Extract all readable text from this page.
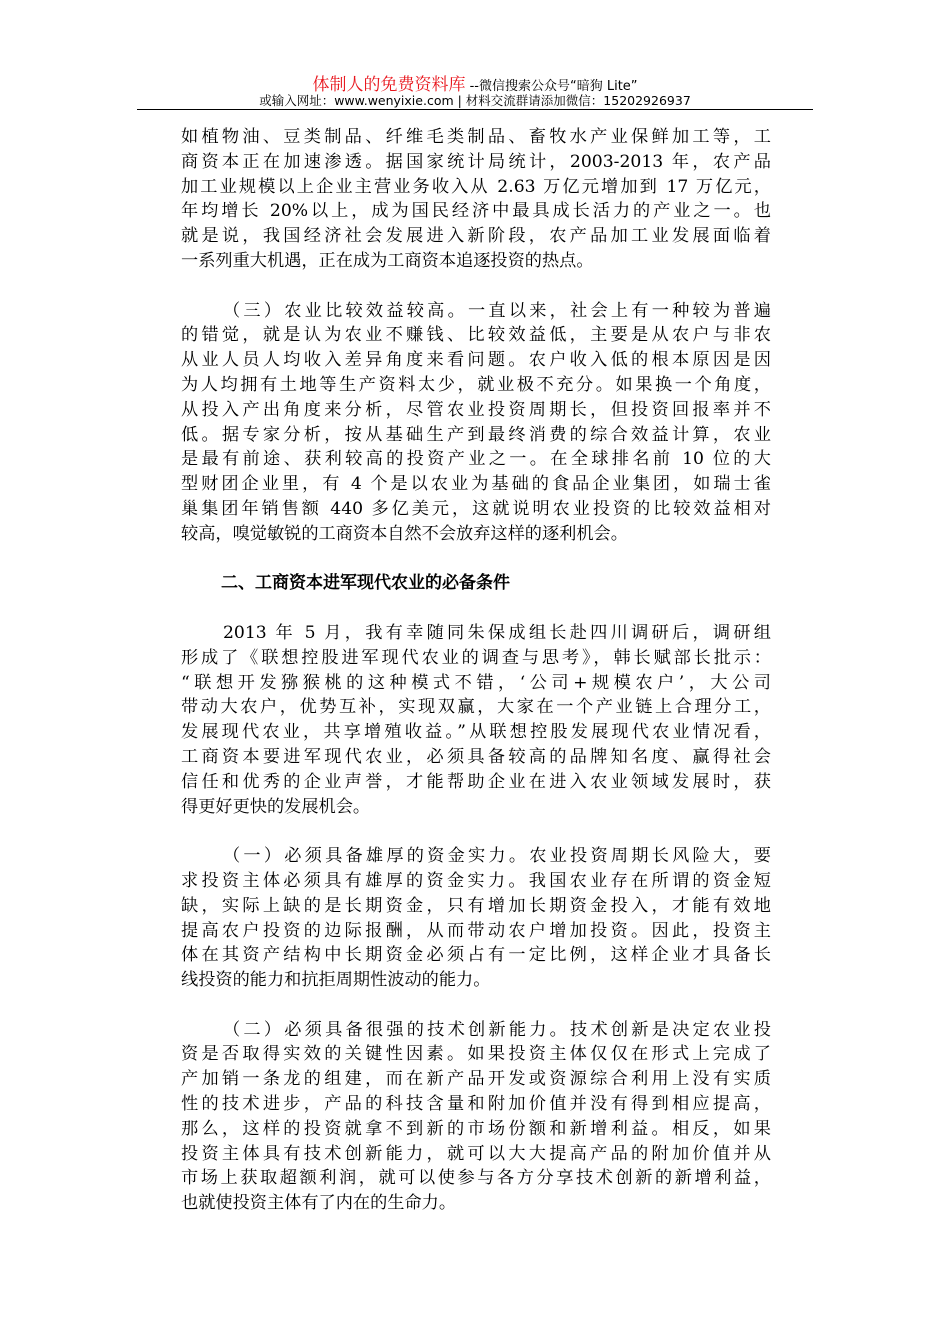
体制人的免费资料库 --微信搜索公众号“暗狗 Lite”
或输入网址：www.wenyixie.com | 材料交流群请添加微信：15202926937
如植物油、豆类制品、纤维毛类制品、畜牧水产业保鲜加工等，工
商资本正在加速渗透。据国家统计局统计，2003-2013 年，农产品
加工业规模以上企业主营业务收入从 2.63 万亿元增加到 17 万亿元，
年均增长 20%以上，成为国民经济中最具成长活力的产业之一。也
就是说，我国经济社会发展进入新阶段，农产品加工业发展面临着
一系列重大机遇，正在成为工商资本追逐投资的热点。
（三）农业比较效益较高。一直以来，社会上有一种较为普遍
的错觉，就是认为农业不赚钱、比较效益低，主要是从农户与非农
从业人员人均收入差异角度来看问题。农户收入低的根本原因是因
为人均拥有土地等生产资料太少，就业极不充分。如果换一个角度，
从投入产出角度来分析，尽管农业投资周期长，但投资回报率并不
低。据专家分析，按从基础生产到最终消费的综合效益计算，农业
是最有前途、获利较高的投资产业之一。在全球排名前 10 位的大
型财团企业里，有 4 个是以农业为基础的食品企业集团，如瑞士雀
巢集团年销售额 440 多亿美元，这就说明农业投资的比较效益相对
较高，嗅觉敏锐的工商资本自然不会放弃这样的逐利机会。
二、工商资本进军现代农业的必备条件
2013 年 5 月，我有幸随同朱保成组长赴四川调研后，调研组
形成了《联想控股进军现代农业的调查与思考》，韩长赋部长批示：
“联想开发猕猴桃的这种模式不错，‘公司+规模农户’，大公司
带动大农户，优势互补，实现双赢，大家在一个产业链上合理分工，
发展现代农业，共享增殖收益。”从联想控股发展现代农业情况看，
工商资本要进军现代农业，必须具备较高的品牌知名度、赢得社会
信任和优秀的企业声誉，才能帮助企业在进入农业领域发展时，获
得更好更快的发展机会。
（一）必须具备雄厚的资金实力。农业投资周期长风险大，要
求投资主体必须具有雄厚的资金实力。我国农业存在所谓的资金短
缺，实际上缺的是长期资金，只有增加长期资金投入，才能有效地
提高农户投资的边际报酬，从而带动农户增加投资。因此，投资主
体在其资产结构中长期资金必须占有一定比例，这样企业才具备长
线投资的能力和抗拒周期性波动的能力。
（二）必须具备很强的技术创新能力。技术创新是决定农业投
资是否取得实效的关键性因素。如果投资主体仅仅在形式上完成了
产加销一条龙的组建，而在新产品开发或资源综合利用上没有实质
性的技术进步，产品的科技含量和附加价值并没有得到相应提高，
那么，这样的投资就拿不到新的市场份额和新增利益。相反，如果
投资主体具有技术创新能力，就可以大大提高产品的附加价值并从
市场上获取超额利润，就可以使参与各方分享技术创新的新增利益，
也就使投资主体有了内在的生命力。
